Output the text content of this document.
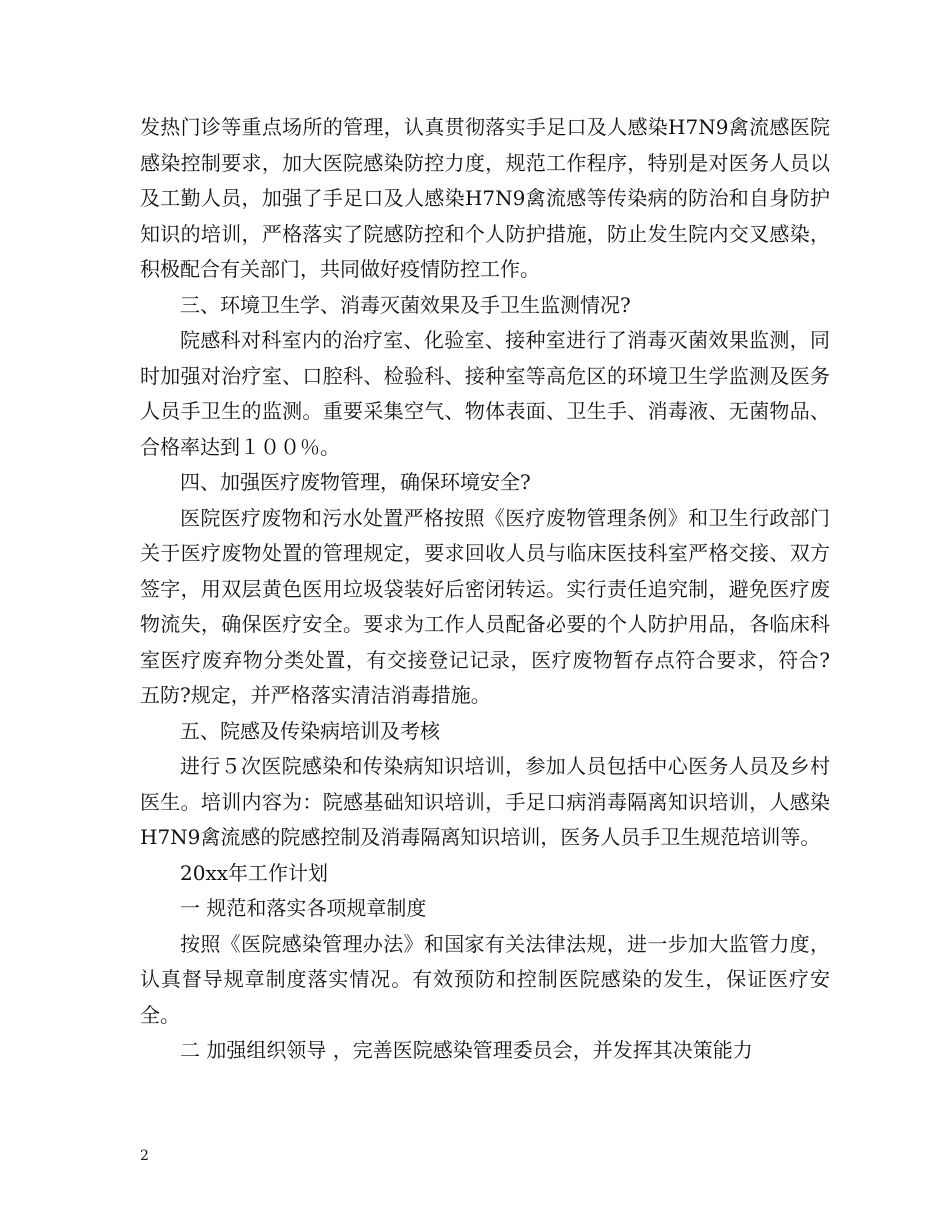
发热门诊等重点场所的管理，认真贯彻落实手足口及人感染H7N9禽流感医院感染控制要求，加大医院感染防控力度，规范工作程序，特别是对医务人员以及工勤人员，加强了手足口及人感染H7N9禽流感等传染病的防治和自身防护知识的培训，严格落实了院感防控和个人防护措施，防止发生院内交叉感染，积极配合有关部门，共同做好疫情防控工作。

三、环境卫生学、消毒灭菌效果及手卫生监测情况?

院感科对科室内的治疗室、化验室、接种室进行了消毒灭菌效果监测，同时加强对治疗室、口腔科、检验科、接种室等高危区的环境卫生学监测及医务人员手卫生的监测。重要采集空气、物体表面、卫生手、消毒液、无菌物品、合格率达到１００％。

四、加强医疗废物管理，确保环境安全?

医院医疗废物和污水处置严格按照《医疗废物管理条例》和卫生行政部门关于医疗废物处置的管理规定，要求回收人员与临床医技科室严格交接、双方签字，用双层黄色医用垃圾袋装好后密闭转运。实行责任追究制，避免医疗废物流失，确保医疗安全。要求为工作人员配备必要的个人防护用品，各临床科室医疗废弃物分类处置，有交接登记记录，医疗废物暂存点符合要求，符合?五防?规定，并严格落实清洁消毒措施。

五、院感及传染病培训及考核

进行５次医院感染和传染病知识培训，参加人员包括中心医务人员及乡村医生。培训内容为：院感基础知识培训，手足口病消毒隔离知识培训，人感染H7N9禽流感的院感控制及消毒隔离知识培训，医务人员手卫生规范培训等。

20xx年工作计划

一 规范和落实各项规章制度

按照《医院感染管理办法》和国家有关法律法规，进一步加大监管力度，认真督导规章制度落实情况。有效预防和控制医院感染的发生，保证医疗安全。

二 加强组织领导 ，完善医院感染管理委员会，并发挥其决策能力

2
